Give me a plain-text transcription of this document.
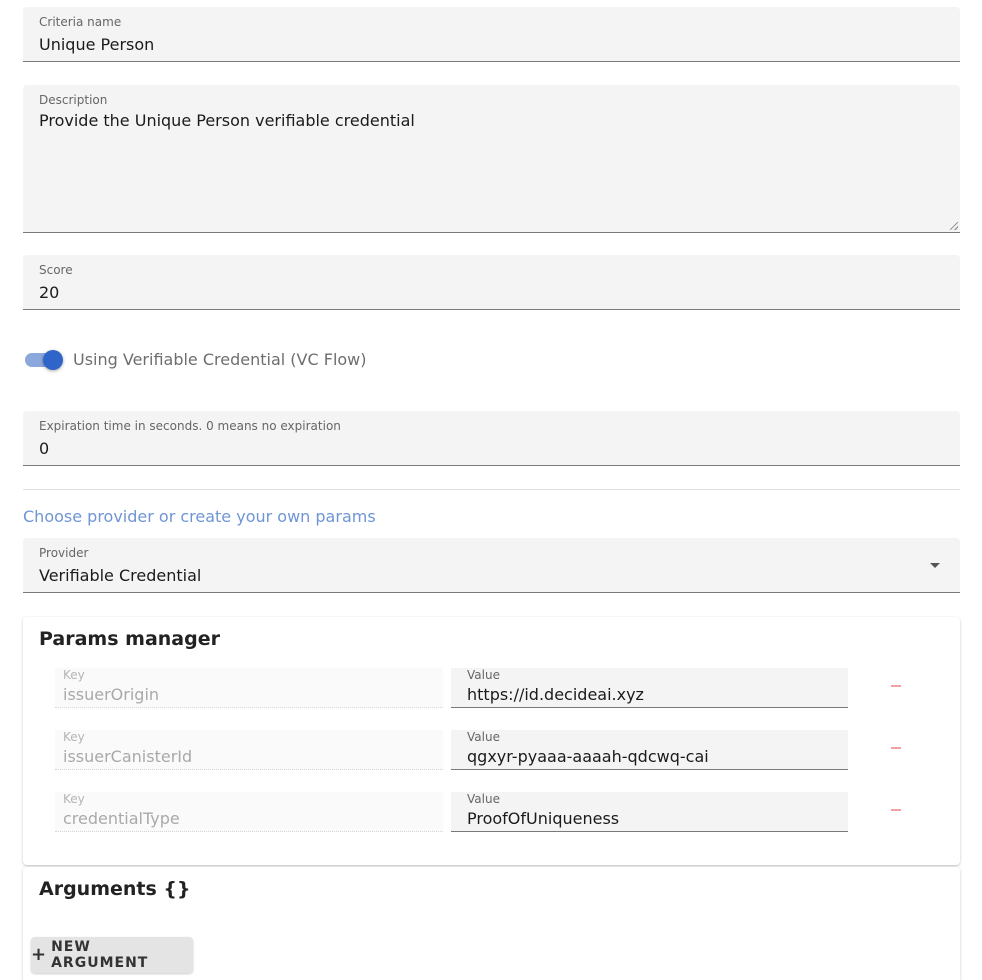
Criteria name
Unique Person
Description
Provide the Unique Person verifiable credential
Score
20
Using Verifiable Credential (VC Flow)
Expiration time in seconds. 0 means no expiration
0
Choose provider or create your own params
Provider
Verifiable Credential
Params manager
Key
issuerOrigin
Value
https://id.decideai.xyz
Key
issuerCanisterId
Value
qgxyr-pyaaa-aaaah-qdcwq-cai
Key
credentialType
Value
ProofOfUniqueness
Arguments {}
+ NEW ARGUMENT
